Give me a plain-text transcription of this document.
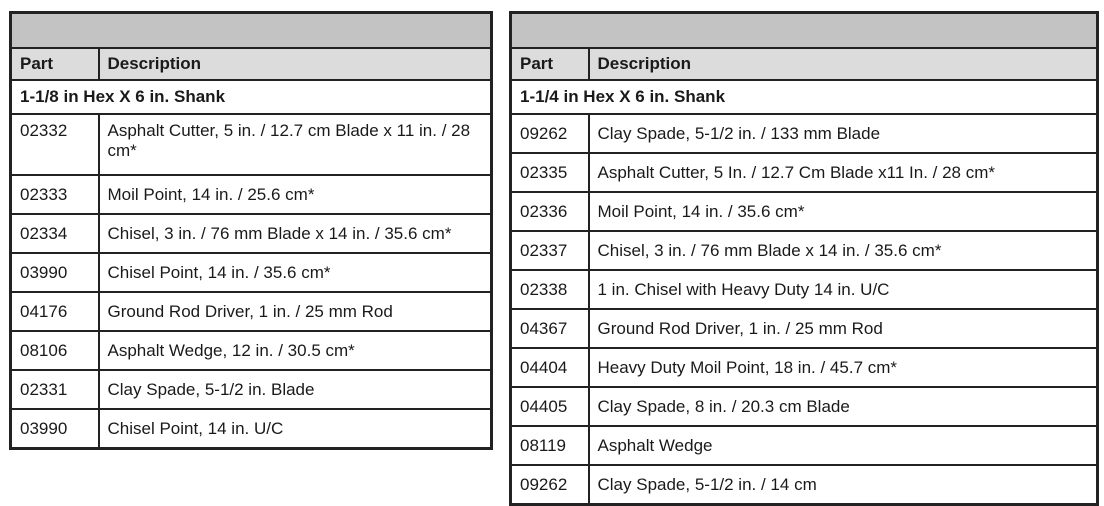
Part	Description
1-1/8 in Hex X 6 in. Shank	
02332	Asphalt Cutter, 5 in. / 12.7 cm Blade x 11 in. / 28 cm*
02333	Moil Point, 14 in. / 25.6 cm*
02334	Chisel, 3 in. / 76 mm Blade x 14 in. / 35.6 cm*
03990	Chisel Point, 14 in. / 35.6 cm*
04176	Ground Rod Driver, 1 in. / 25 mm Rod
08106	Asphalt Wedge, 12 in. / 30.5 cm*
02331	Clay Spade, 5-1/2 in. Blade
03990	Chisel Point, 14 in. U/C

Part	Description
1-1/4 in Hex X 6 in. Shank	
09262	Clay Spade, 5-1/2 in. / 133 mm Blade
02335	Asphalt Cutter, 5 In. / 12.7 Cm Blade x11 In. / 28 cm*
02336	Moil Point, 14 in. / 35.6 cm*
02337	Chisel, 3 in. / 76 mm Blade x 14 in. / 35.6 cm*
02338	1 in. Chisel with Heavy Duty 14 in. U/C
04367	Ground Rod Driver, 1 in. / 25 mm Rod
04404	Heavy Duty Moil Point, 18 in. / 45.7 cm*
04405	Clay Spade, 8 in. / 20.3 cm Blade
08119	Asphalt Wedge
09262	Clay Spade, 5-1/2 in. / 14 cm
